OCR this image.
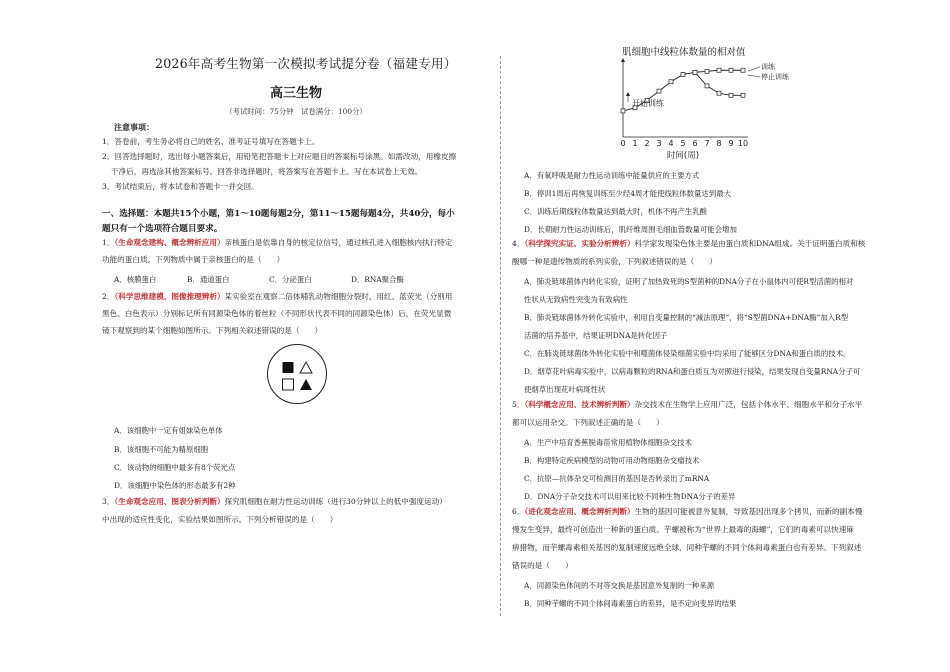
2026年高考生物第一次模拟考试提分卷（福建专用）
高三生物
（考试时间：75分钟　试卷满分：100分）
注意事项：
1．答卷前，考生务必将自己的姓名、准考证号填写在答题卡上。
2．回答选择题时，选出每小题答案后，用铅笔把答题卡上对应题目的答案标号涂黑。如需改动，用橡皮擦
干净后，再选涂其他答案标号。回答非选择题时，将答案写在答题卡上。写在本试卷上无效。
3．考试结束后，将本试卷和答题卡一并交回。
一、选择题：本题共15个小题，第1～10题每题2分，第11～15题每题4分，共40分，每小
题只有一个选项符合题目要求。
1．（生命观念建构、概念辨析应用）亲核蛋白是依靠自身的核定位信号，通过核孔进入细胞核内执行特定
功能的蛋白质。下列物质中属于亲核蛋白的是（　　）
A．核膜蛋白	B．通道蛋白	C．分泌蛋白	D．RNA聚合酶
2．（科学思维建模、图像推理辨析）某实验室在观察二倍体哺乳动物细胞分裂时，用红、蓝荧光（分别用
黑色、白色表示）分别标记所有同源染色体的着丝粒（不同形状代表不同的同源染色体）后，在荧光显微
镜下观察到的某个细胞如图所示。下列相关叙述错误的是（　　）
A．该细胞中一定有姐妹染色单体
B．该细胞不可能为精原细胞
C．该动物的细胞中最多有8个荧光点
D．该细胞中染色体的形态最多有2种
3．（生命观念应用、图表分析判断）探究肌细胞在耐力性运动训练（进行30分钟以上的低中强度运动）
中出现的适应性变化，实验结果如图所示。下列分析错误的是（　　）
肌细胞中线粒体数量的相对值
0 1 2 3 4 5 6 7 8 9 10
时间(周)
训练
停止训练
开始训练
A．有氧呼吸是耐力性运动训练中能量供应的主要方式
B．停训1周后再恢复训练至少经4周才能使线粒体数量达到最大
C．训练后期线粒体数量达到最大时，机体不再产生乳酸
D．长期耐力性运动训练后，肌纤维周围毛细血管数量可能会增加
4．（科学探究实证、实验分析辨析）科学家发现染色体主要是由蛋白质和DNA组成。关于证明蛋白质和核
酸哪一种是遗传物质的系列实验，下列叙述错误的是（　　）
A．肺炎链球菌体内转化实验，证明了加热致死的S型菌种的DNA分子在小鼠体内可使R型活菌的相对
性状从无致病性突变为有致病性
B．肺炎链球菌体外转化实验中，利用自变量控制的“减法原理”，将“S型菌DNA+DNA酶”加入R型
活菌的培养基中，结果证明DNA是转化因子
C．在肺炎链球菌体外转化实验中和噬菌体侵染细菌实验中均采用了能够区分DNA和蛋白质的技术。
D．烟草花叶病毒实验中，以病毒颗粒的RNA和蛋白质互为对照进行侵染，结果发现自变量RNA分子可
使烟草出现花叶病斑性状
5．（科学概念应用、技术辨析判断）杂交技术在生物学上应用广泛，包括个体水平、细胞水平和分子水平
都可以运用杂交。下列叙述正确的是（　　）
A．生产中培育香蕉脱毒苗常用植物体细胞杂交技术
B．构建特定疾病模型的动物可用动物细胞杂交瘤技术
C．抗原—抗体杂交可检测目的基因是否转录出了mRNA
D．DNA分子杂交技术可以用来比较不同种生物DNA分子的差异
6．（进化观念应用、概念辨析判断）生物的基因可能被意外复制，导致基因出现多个拷贝，而新的副本慢
慢发生变异，最终可创造出一种新的蛋白质。芋螺被称为“世界上最毒的海螺”，它们的毒素可以快速麻
痹猎物，而芋螺毒素相关基因的复制速度远绝全球，同种芋螺的不同个体间毒素蛋白也有差异。下列叙述
错误的是（　　）
A．同源染色体间的不对等交换是基因意外复制的一种来源
B．同种芋螺的不同个体间毒素蛋白的差异，是不定向变异的结果
